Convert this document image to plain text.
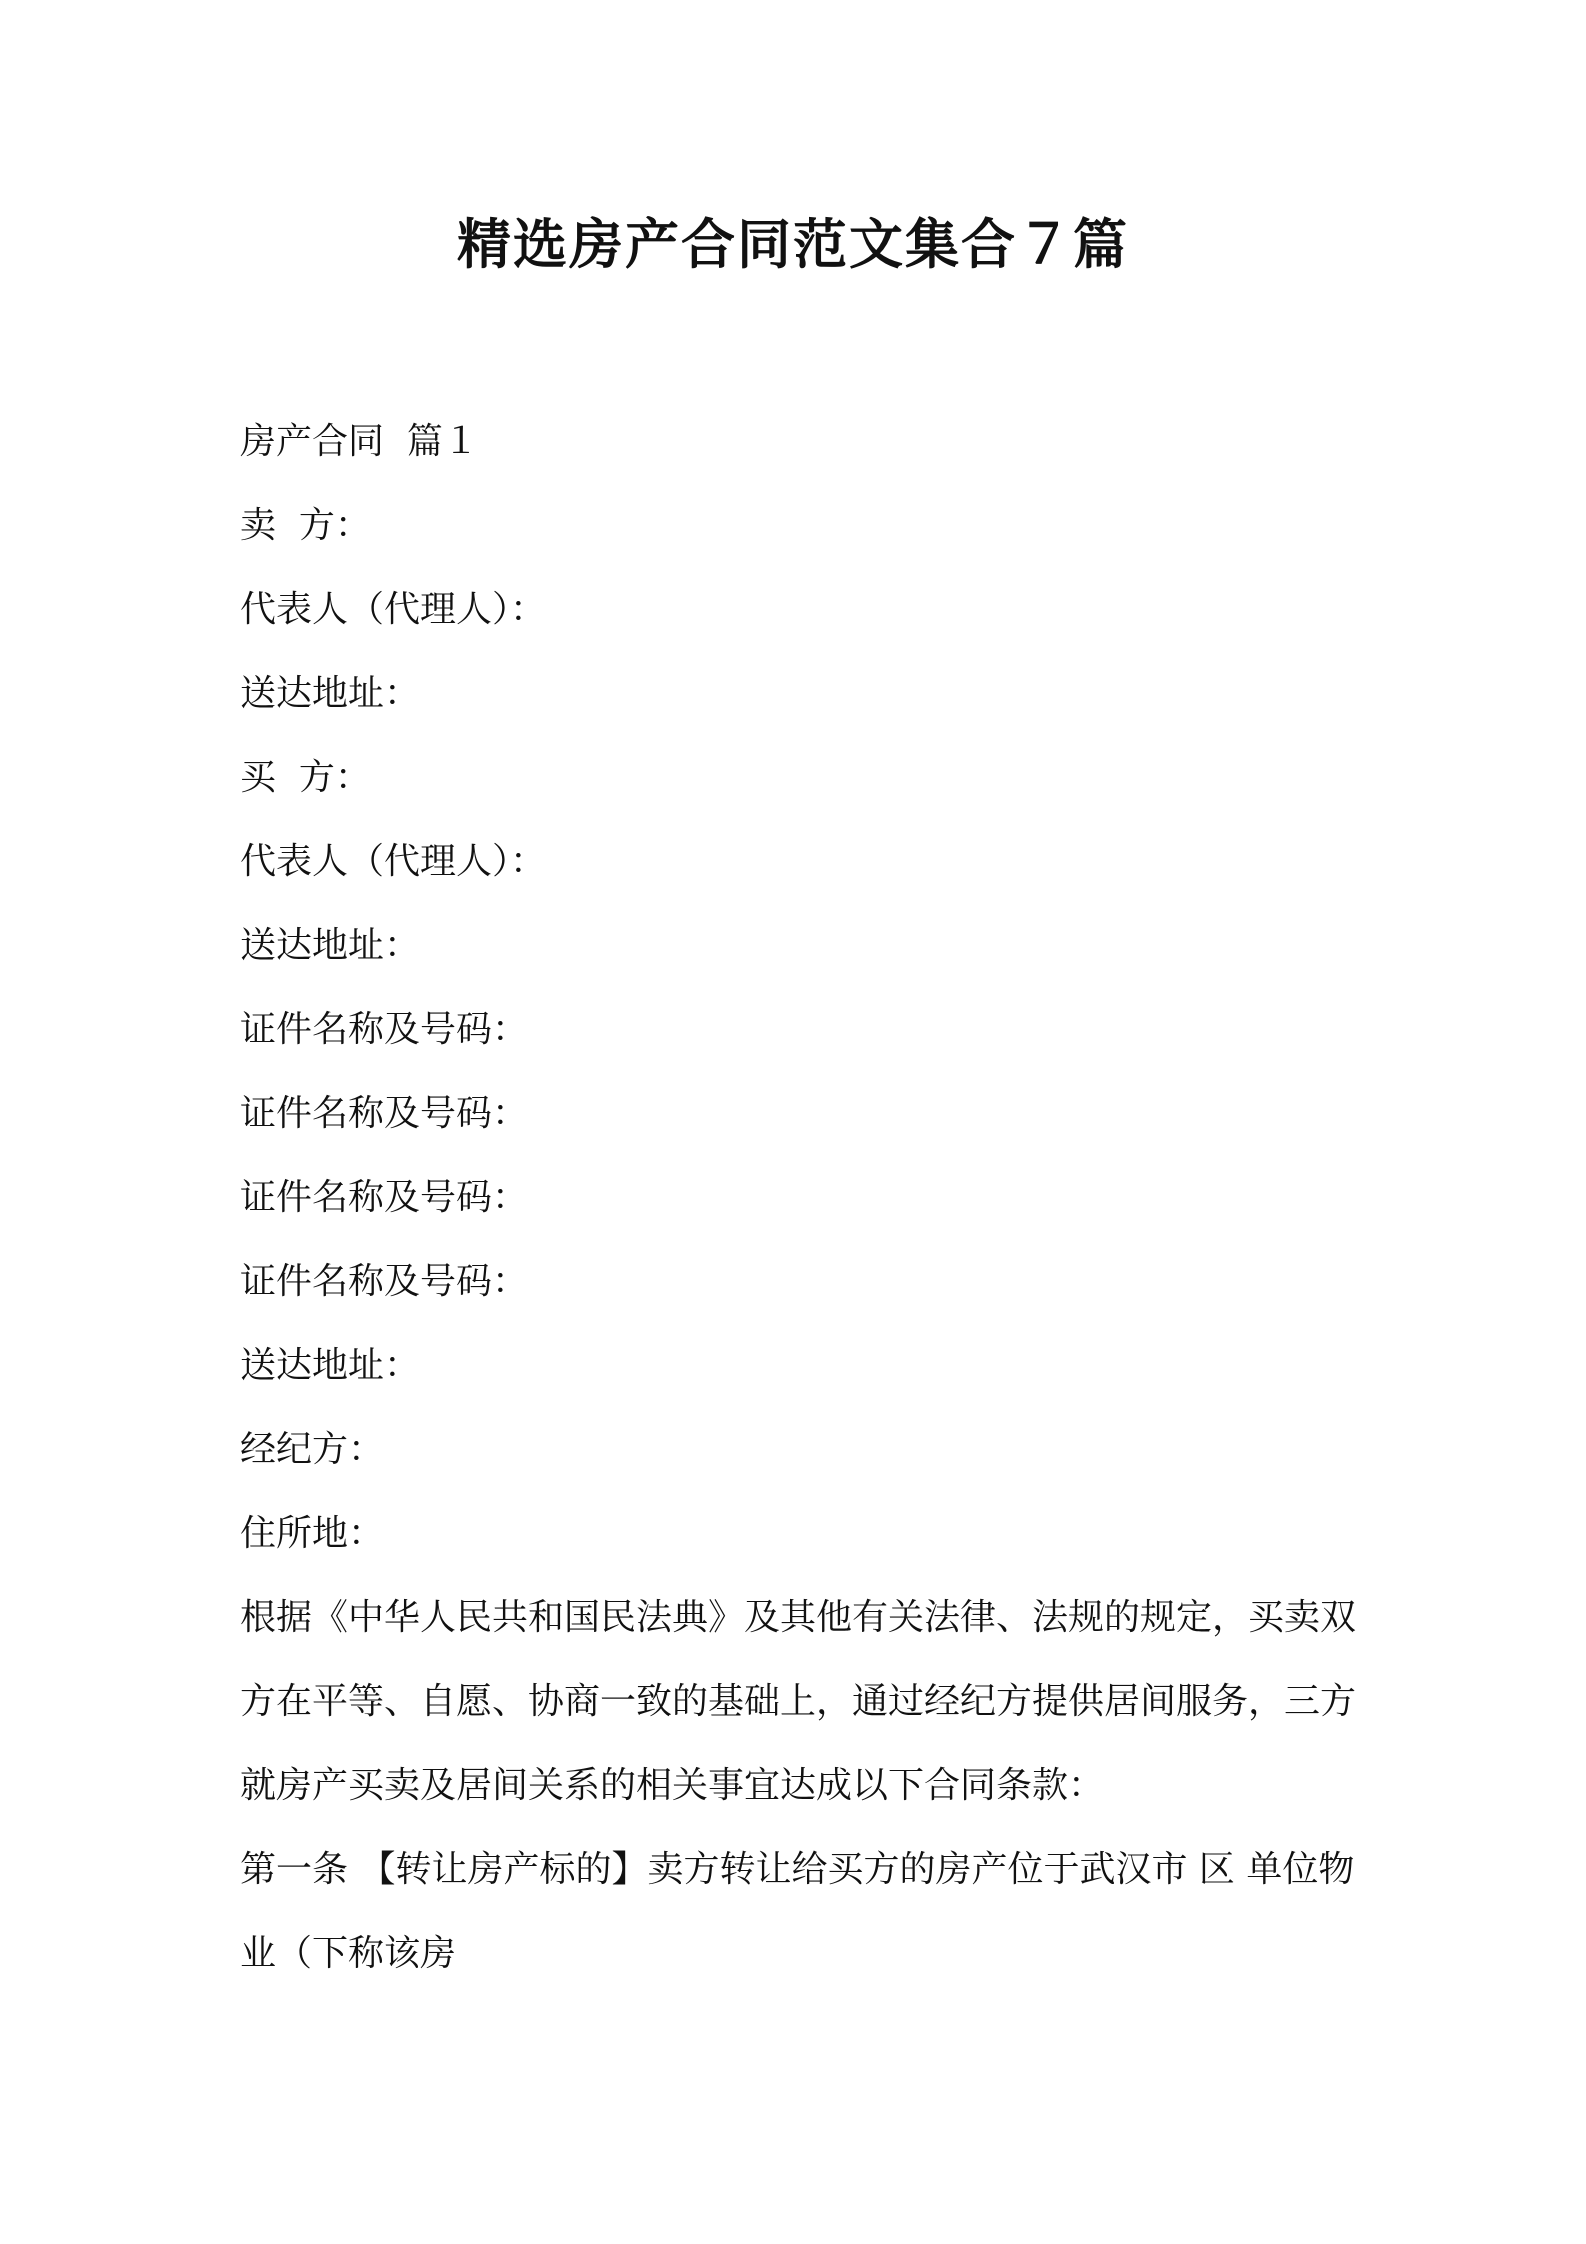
精选房产合同范文集合７篇
房产合同  篇１
卖  方：
代表人（代理人）：
送达地址：
买  方：
代表人（代理人）：
送达地址：
证件名称及号码：
证件名称及号码：
证件名称及号码：
证件名称及号码：
送达地址：
经纪方：
住所地：
根据《中华人民共和国民法典》及其他有关法律、法规的规定，买卖双方在平等、自愿、协商一致的基础上，通过经纪方提供居间服务，三方就房产买卖及居间关系的相关事宜达成以下合同条款：
第一条 【转让房产标的】卖方转让给买方的房产位于武汉市 区 单位物业（下称该房
